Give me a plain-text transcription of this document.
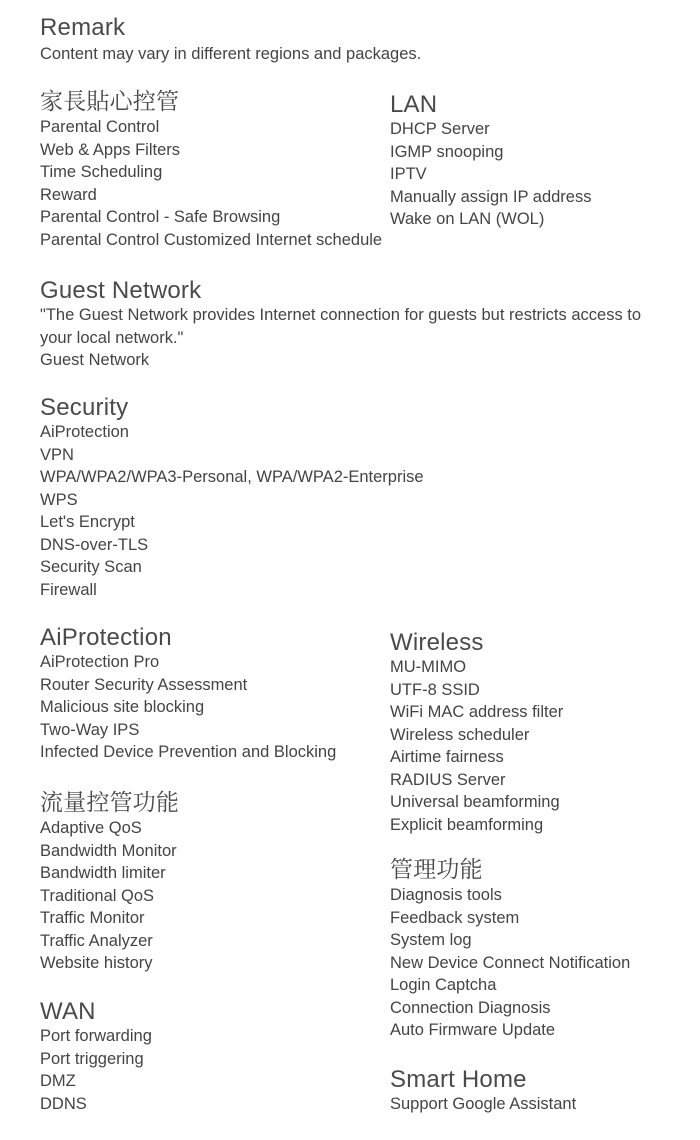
Remark
Content may vary in different regions and packages.
家長貼心控管
Parental Control
Web & Apps Filters
Time Scheduling
Reward
Parental Control - Safe Browsing
Parental Control Customized Internet schedule
LAN
DHCP Server
IGMP snooping
IPTV
Manually assign IP address
Wake on LAN (WOL)
Guest Network
"The Guest Network provides Internet connection for guests but restricts access to your local network."
Guest Network
Security
AiProtection
VPN
WPA/WPA2/WPA3-Personal, WPA/WPA2-Enterprise
WPS
Let's Encrypt
DNS-over-TLS
Security Scan
Firewall
AiProtection
AiProtection Pro
Router Security Assessment
Malicious site blocking
Two-Way IPS
Infected Device Prevention and Blocking
Wireless
MU-MIMO
UTF-8 SSID
WiFi MAC address filter
Wireless scheduler
Airtime fairness
RADIUS Server
Universal beamforming
Explicit beamforming
流量控管功能
Adaptive QoS
Bandwidth Monitor
Bandwidth limiter
Traditional QoS
Traffic Monitor
Traffic Analyzer
Website history
管理功能
Diagnosis tools
Feedback system
System log
New Device Connect Notification
Login Captcha
Connection Diagnosis
Auto Firmware Update
WAN
Port forwarding
Port triggering
DMZ
DDNS
Smart Home
Support Google Assistant
